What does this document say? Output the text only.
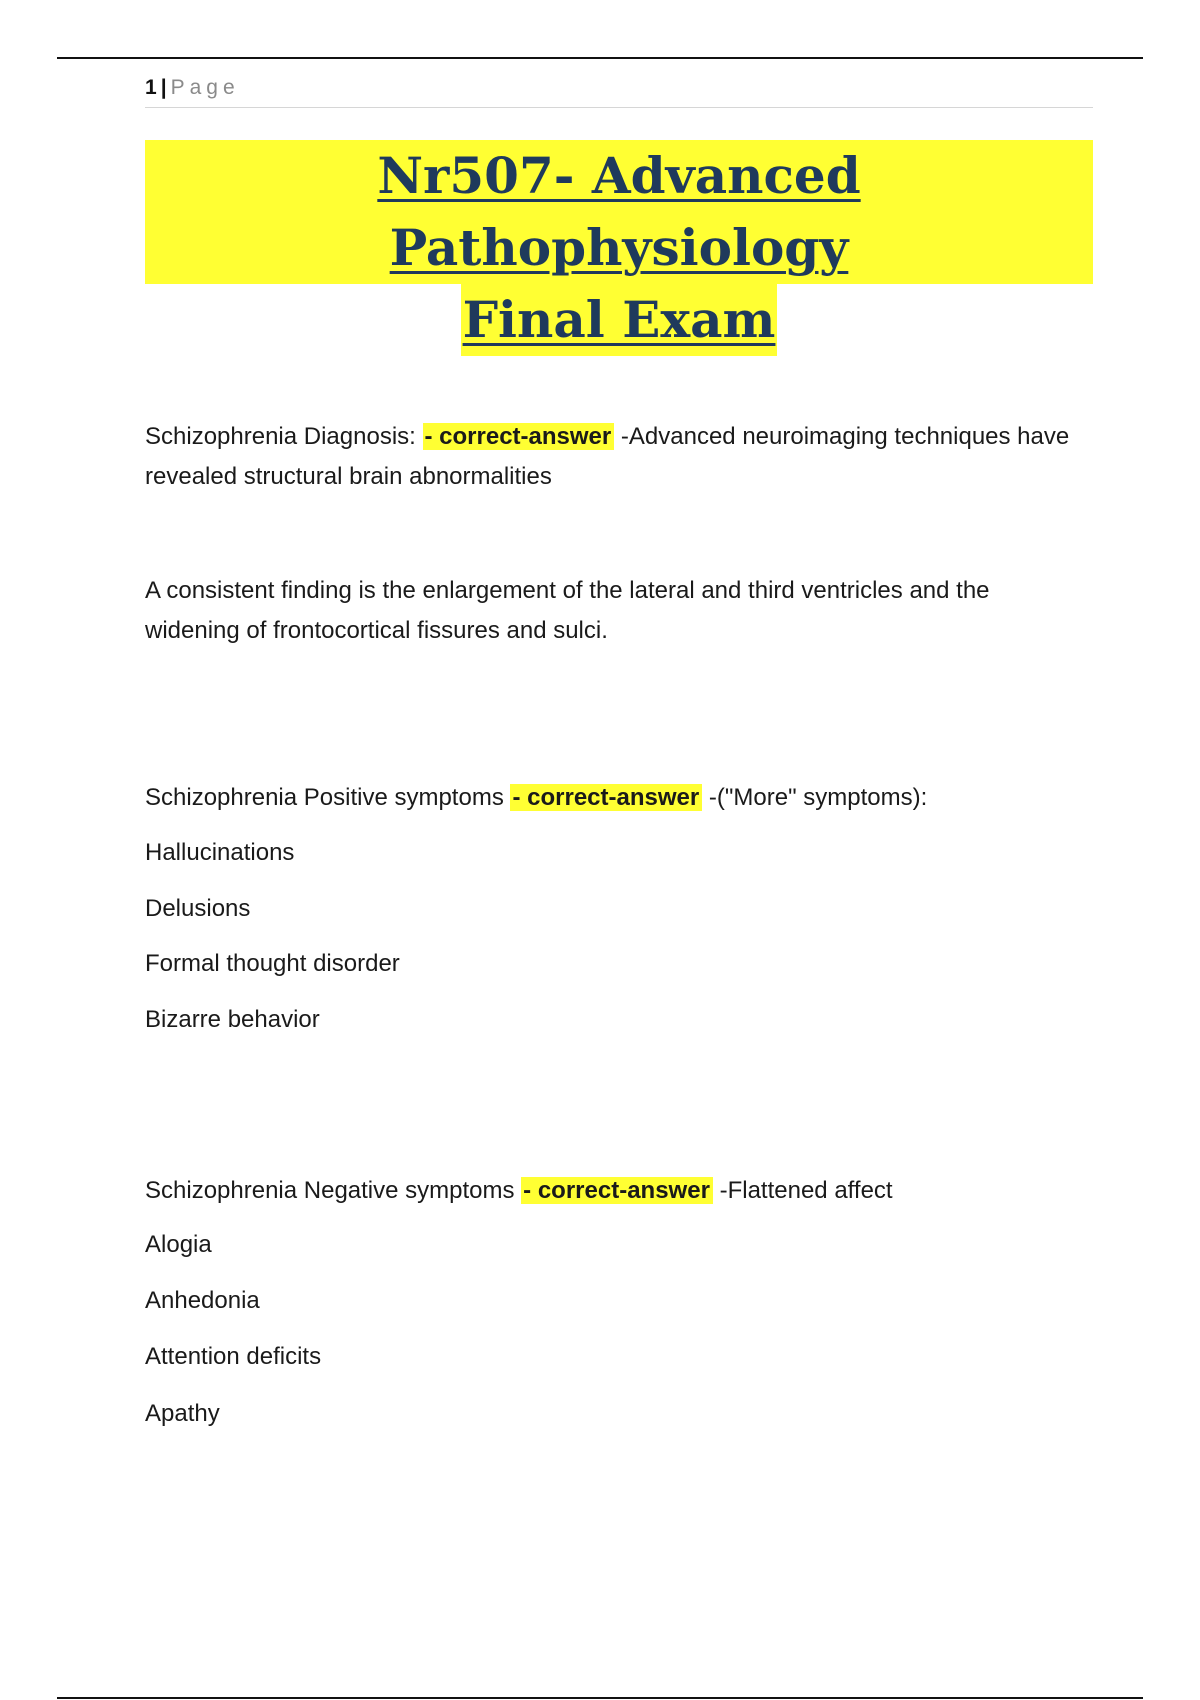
1 | Page
Nr507- Advanced Pathophysiology
Final Exam

Schizophrenia Diagnosis: - correct-answer -Advanced neuroimaging techniques have revealed structural brain abnormalities

A consistent finding is the enlargement of the lateral and third ventricles and the widening of frontocortical fissures and sulci.

Schizophrenia Positive symptoms - correct-answer -("More" symptoms):

Hallucinations
Delusions
Formal thought disorder
Bizarre behavior

Schizophrenia Negative symptoms - correct-answer -Flattened affect

Alogia
Anhedonia
Attention deficits
Apathy
